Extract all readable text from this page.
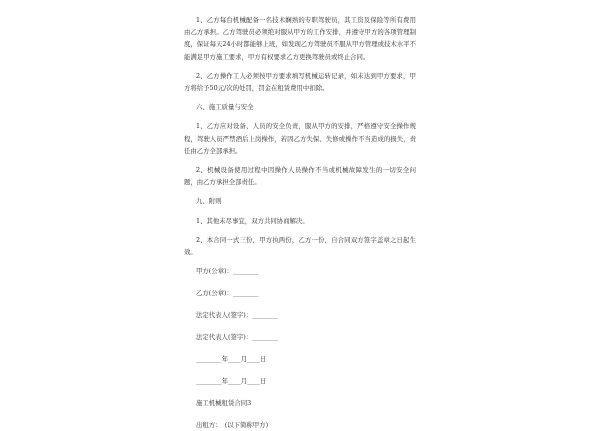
1、乙方每台机械配备一名技术娴熟的专职驾驶员，其工资及保险等所有费用由乙方承担。乙方驾驶员必须绝对服从甲方的工作安排，并遵守甲方的各项管理制度，保证每天24小时都能够上班，如发现乙方驾驶员不服从甲方管理或技术水平不能满足甲方施工要求，甲方有权要求乙方更换驾驶员或终止合同。

2、乙方操作工人必须按甲方要求填写机械运转记录，如未达到甲方要求，甲方将给予50元/次的处罚，罚金在租赁费用中扣除。

六、施工质量与安全

1、乙方应对设备、人员的安全负责，服从甲方的安排，严格遵守安全操作规程，驾驶人员严禁酒后上岗操作，若因乙方失保、失修或操作不当造成的损失，责任由乙方全部承担。

2、机械设备使用过程中因操作人员操作不当或机械故障发生的一切安全问题，由乙方承担全部责任。

九、附则

1、其他未尽事宜，双方共同协商解决。

2、本合同一式三份，甲方执两份，乙方一份，自合同双方签字盖章之日起生效。

甲方(公章)：________

乙方(公章)：________

法定代表人(签字)：________

法定代表人(签字)：________

________年____月____日

________年____月____日

施工机械租赁合同3

出租方：　(以下简称甲方)
